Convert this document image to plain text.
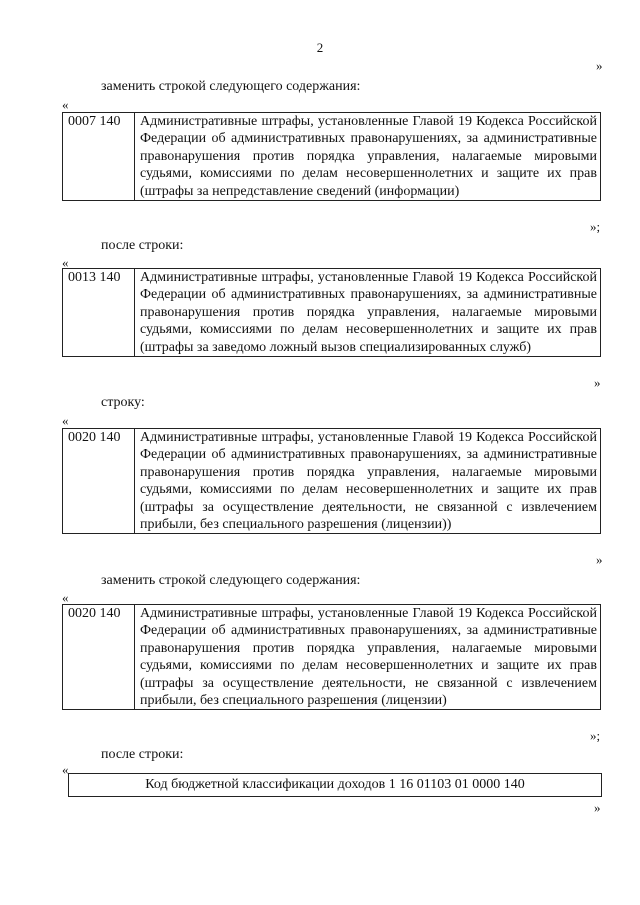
2
»
заменить строкой следующего содержания:
«
0007 140	Административные штрафы, установленные Главой 19 Кодекса Российской Федерации об административных правонарушениях, за административные правонарушения против порядка управления, налагаемые мировыми судьями, комиссиями по делам несовершеннолетних и защите их прав (штрафы за непредставление сведений (информации)
»;
после строки:
«
0013 140	Административные штрафы, установленные Главой 19 Кодекса Российской Федерации об административных правонарушениях, за административные правонарушения против порядка управления, налагаемые мировыми судьями, комиссиями по делам несовершеннолетних и защите их прав (штрафы за заведомо ложный вызов специализированных служб)
»
строку:
«
0020 140	Административные штрафы, установленные Главой 19 Кодекса Российской Федерации об административных правонарушениях, за административные правонарушения против порядка управления, налагаемые мировыми судьями, комиссиями по делам несовершеннолетних и защите их прав (штрафы за осуществление деятельности, не связанной с извлечением прибыли, без специального разрешения (лицензии))
»
заменить строкой следующего содержания:
«
0020 140	Административные штрафы, установленные Главой 19 Кодекса Российской Федерации об административных правонарушениях, за административные правонарушения против порядка управления, налагаемые мировыми судьями, комиссиями по делам несовершеннолетних и защите их прав (штрафы за осуществление деятельности, не связанной с извлечением прибыли, без специального разрешения (лицензии)
»;
после строки:
«
Код бюджетной классификации доходов 1 16 01103 01 0000 140
»
